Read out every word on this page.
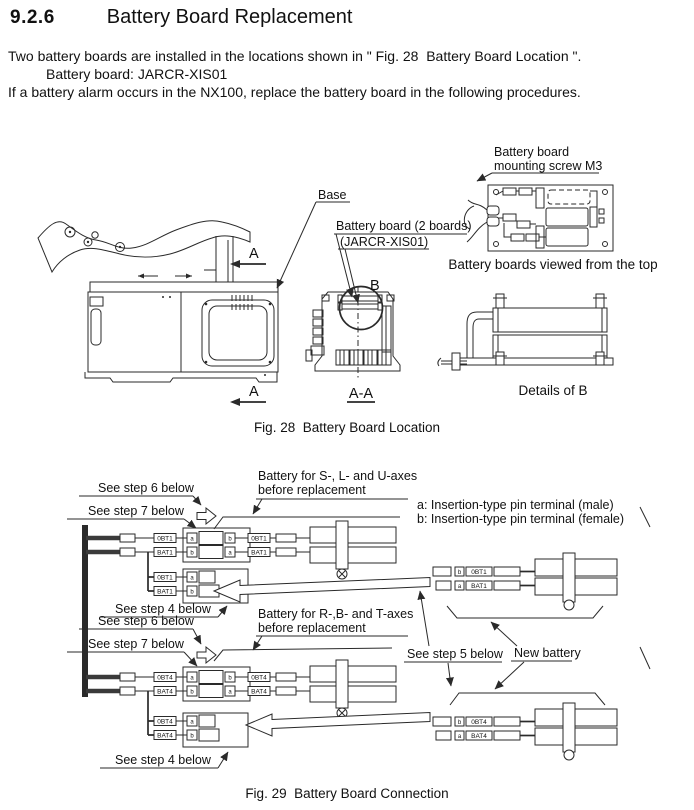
9.2.6	Battery Board Replacement
Two battery boards are installed in the locations shown in " Fig. 28  Battery Board Location ".
Battery board: JARCR-XIS01
If a battery alarm occurs in the NX100, replace the battery board in the following procedures.
Battery board
mounting screw M3
Battery boards viewed from the top
Base
Battery board (2 boards)
(JARCR-XIS01)
B
A-A
A
A	Details of B
Fig. 28  Battery Board Location
a: Insertion-type pin terminal (male)
b: Insertion-type pin terminal (female)
0BT1
BAT1
a	b
b	a
0BT1
BAT1
0BT1
BAT1
a
b
See step 6 below
See step 7 below
Battery for S-, L- and U-axes
before replacement
See step 4 below
0BT4
BAT4
a	b
b	a
0BT4
BAT4
0BT4
BAT4
a
b
See step 6 below
See step 7 below
Battery for R-,B- and T-axes
before replacement
See step 4 below
b 0BT1
a BAT1
b 0BT4
a BAT4
See step 5 below New battery
Fig. 29  Battery Board Connection
